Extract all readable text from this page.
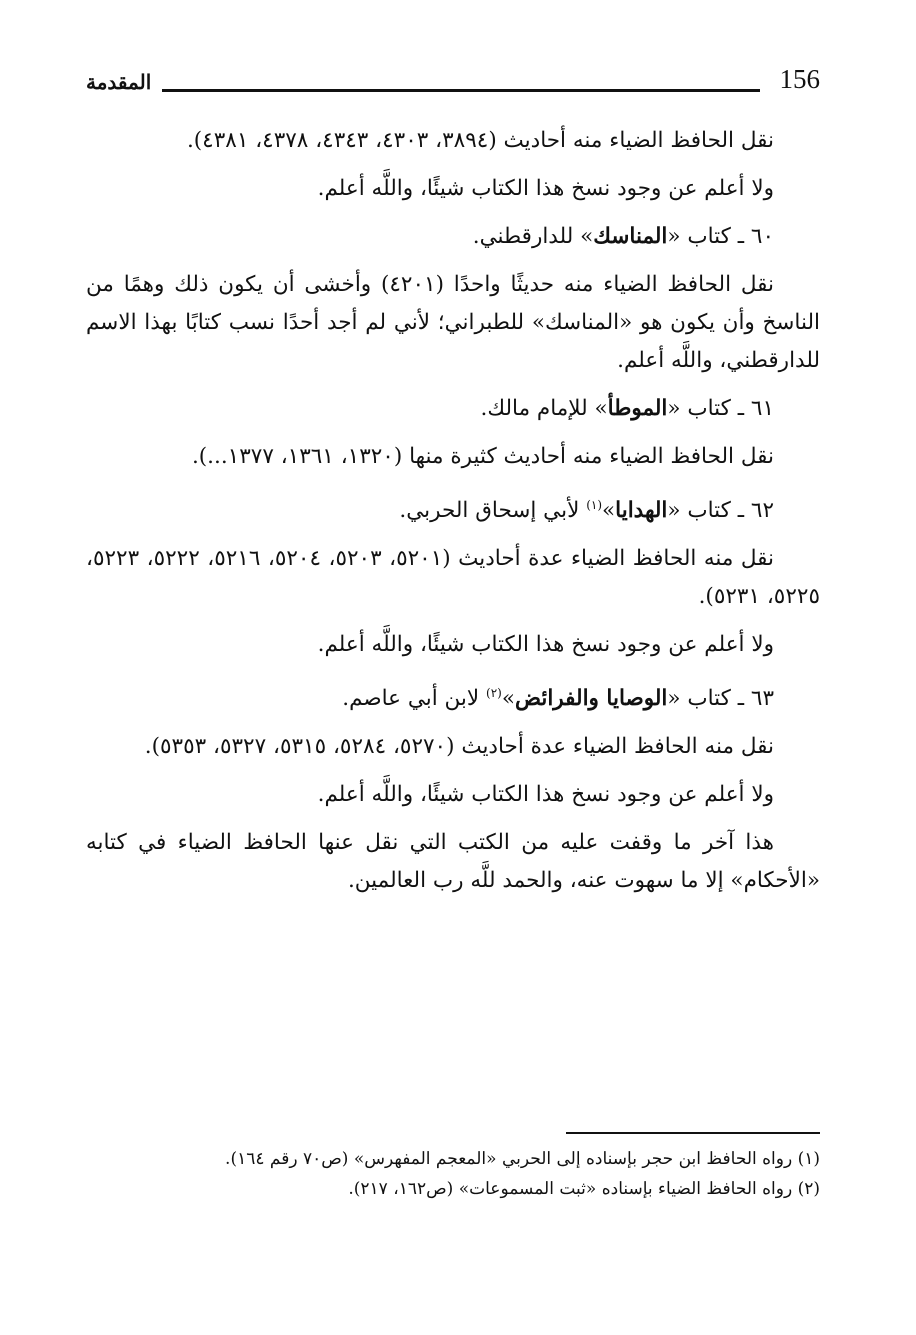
156
المقدمة

نقل الحافظ الضياء منه أحاديث (٣٨٩٤، ٤٣٠٣، ٤٣٤٣، ٤٣٧٨، ٤٣٨١).

ولا أعلم عن وجود نسخ هذا الكتاب شيئًا، واللَّه أعلم.

٦٠ ـ كتاب «المناسك» للدارقطني.

نقل الحافظ الضياء منه حديثًا واحدًا (٤٢٠١) وأخشى أن يكون ذلك وهمًا من الناسخ وأن يكون هو «المناسك» للطبراني؛ لأني لم أجد أحدًا نسب كتابًا بهذا الاسم للدارقطني، واللَّه أعلم.

٦١ ـ كتاب «الموطأ» للإمام مالك.

نقل الحافظ الضياء منه أحاديث كثيرة منها (١٣٢٠، ١٣٦١، ١٣٧٧...).

٦٢ ـ كتاب «الهدايا»$^{(١)}$ لأبي إسحاق الحربي.

نقل منه الحافظ الضياء عدة أحاديث (٥٢٠١، ٥٢٠٣، ٥٢٠٤، ٥٢١٦، ٥٢٢٢، ٥٢٢٣، ٥٢٢٥، ٥٢٣١).

ولا أعلم عن وجود نسخ هذا الكتاب شيئًا، واللَّه أعلم.

٦٣ ـ كتاب «الوصايا والفرائض»$^{(٢)}$ لابن أبي عاصم.

نقل منه الحافظ الضياء عدة أحاديث (٥٢٧٠، ٥٢٨٤، ٥٣١٥، ٥٣٢٧، ٥٣٥٣).

ولا أعلم عن وجود نسخ هذا الكتاب شيئًا، واللَّه أعلم.

هذا آخر ما وقفت عليه من الكتب التي نقل عنها الحافظ الضياء في كتابه «الأحكام» إلا ما سهوت عنه، والحمد للَّه رب العالمين.

(١) رواه الحافظ ابن حجر بإسناده إلى الحربي «المعجم المفهرس» (ص٧٠ رقم ١٦٤).

(٢) رواه الحافظ الضياء بإسناده «ثبت المسموعات» (ص١٦٢، ٢١٧).
